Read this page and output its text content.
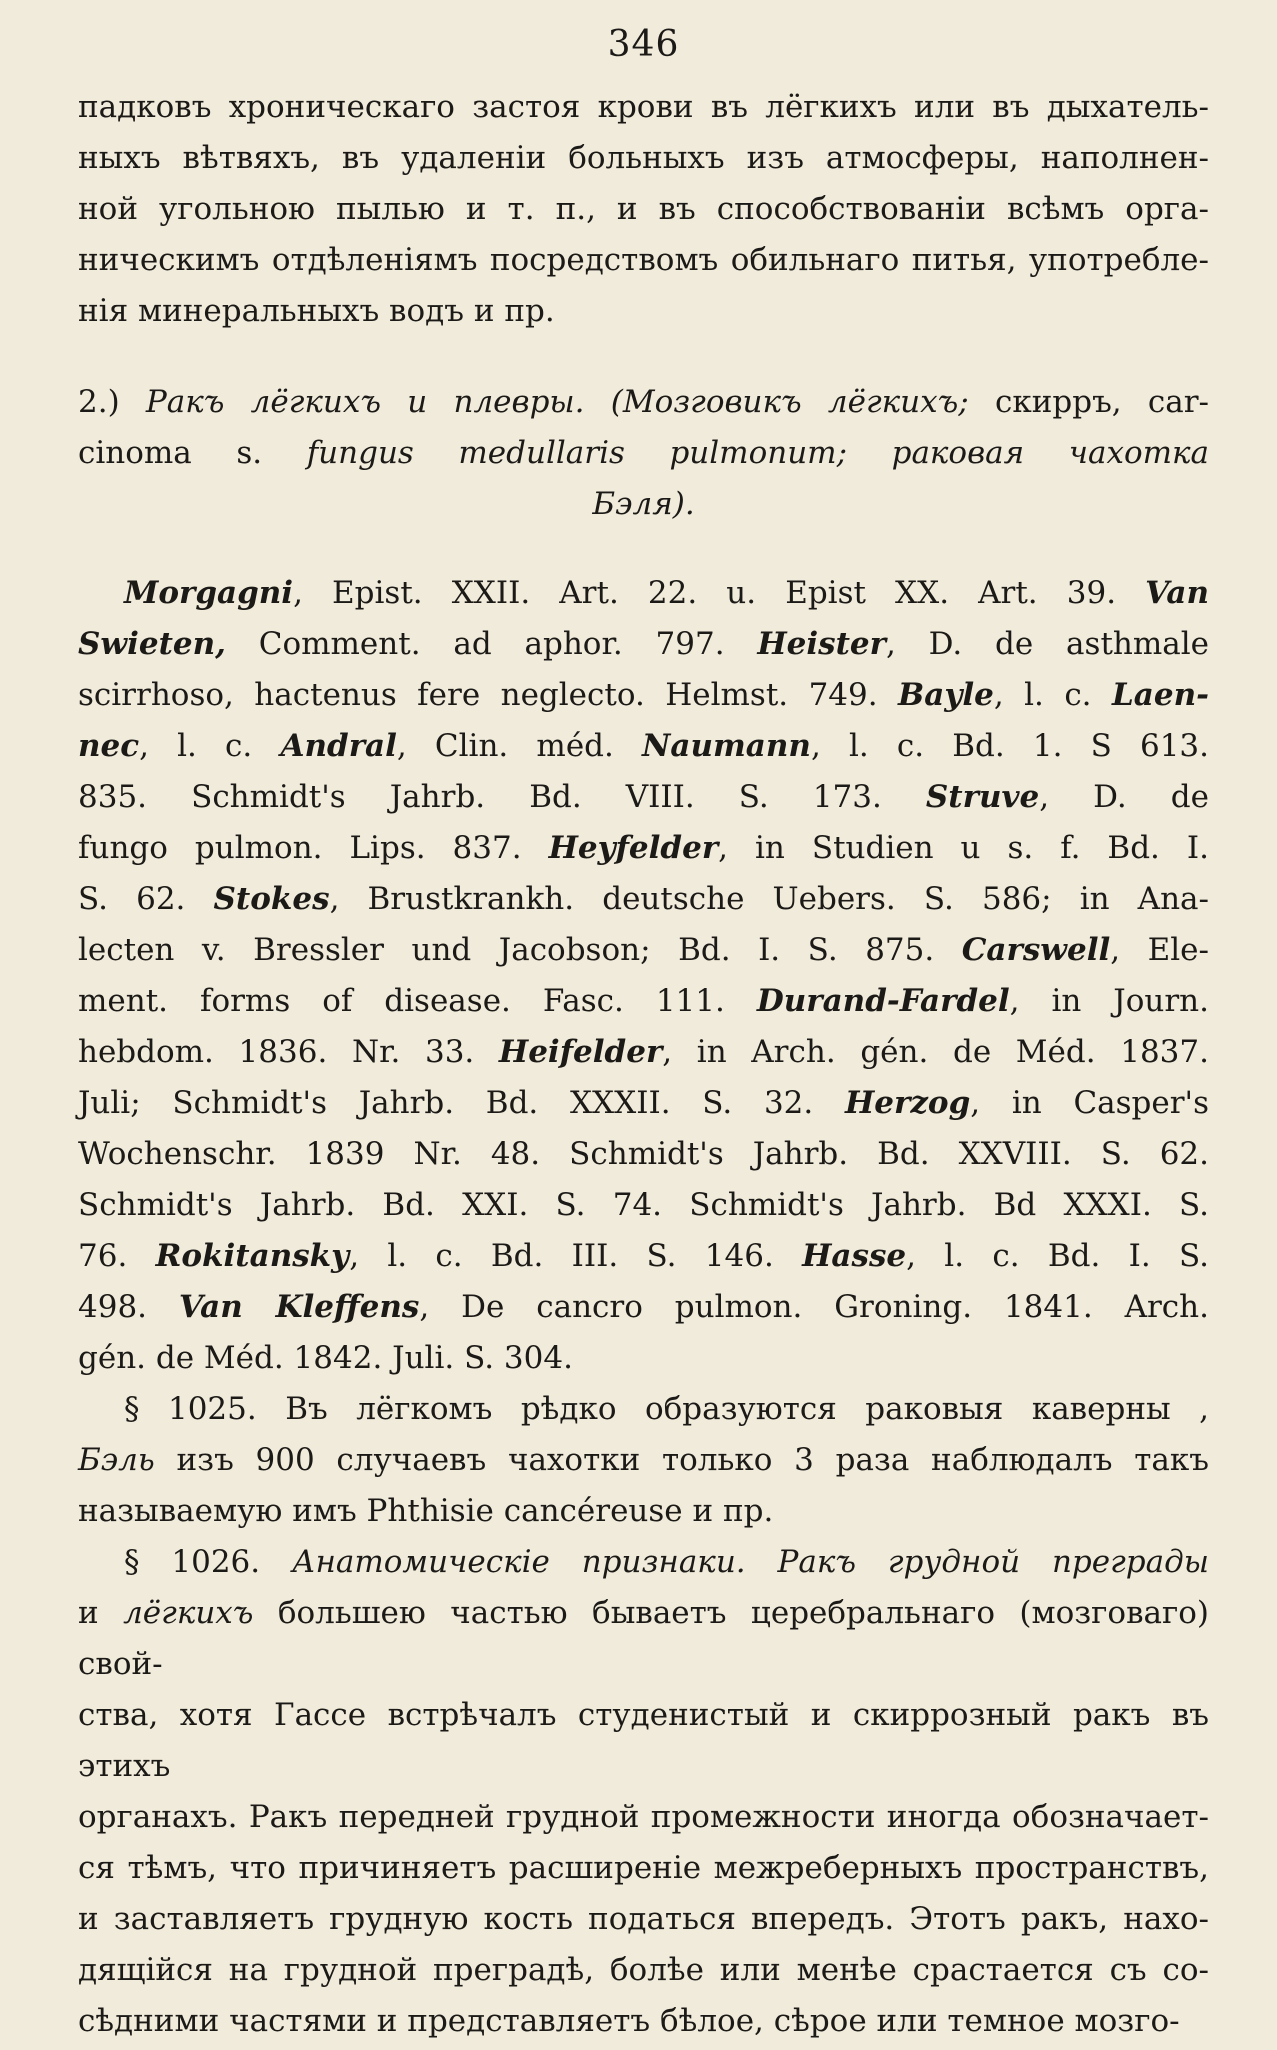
346

падковъ хроническаго застоя крови въ лёгкихъ или въ дыхатель-
ныхъ вѣтвяхъ, въ удаленіи больныхъ изъ атмосферы, наполнен-
ной угольною пылью и т. п., и въ способствованіи всѣмъ орга-
ническимъ отдѣленіямъ посредствомъ обильнаго питья, употребле-
нія минеральныхъ водъ и пр.

2.) Ракъ лёгкихъ и плевры. (Мозговикъ лёгкихъ; скирръ, car-
cinoma s. fungus medullaris pulmonum; раковая чахотка
Бэля).

Morgagni, Epist. XXII. Art. 22. u. Epist XX. Art. 39. Van
Swieten, Comment. ad aphor. 797. Heister, D. de asthmale
scirrhoso, hactenus fere neglecto. Helmst. 749. Bayle, l. c. Laen-
nec, l. c. Andral, Clin. méd. Naumann, l. c. Bd. 1. S 613.
835. Schmidt's Jahrb. Bd. VIII. S. 173. Struve, D. de
fungo pulmon. Lips. 837. Heyfelder, in Studien u s. f. Bd. I.
S. 62. Stokes, Brustkrankh. deutsche Uebers. S. 586; in Ana-
lecten v. Bressler und Jacobson; Bd. I. S. 875. Carswell, Ele-
ment. forms of disease. Fasc. 111. Durand-Fardel, in Journ.
hebdom. 1836. Nr. 33. Heifelder, in Arch. gén. de Méd. 1837.
Juli; Schmidt's Jahrb. Bd. XXXII. S. 32. Herzog, in Casper's
Wochenschr. 1839 Nr. 48. Schmidt's Jahrb. Bd. XXVIII. S. 62.
Schmidt's Jahrb. Bd. XXI. S. 74. Schmidt's Jahrb. Bd XXXI. S.
76. Rokitansky, l. c. Bd. III. S. 146. Hasse, l. c. Bd. I. S.
498. Van Kleffens, De cancro pulmon. Groning. 1841. Arch.
gén. de Méd. 1842. Juli. S. 304.

§ 1025. Въ лёгкомъ рѣдко образуются раковыя каверны ,
Бэль изъ 900 случаевъ чахотки только 3 раза наблюдалъ такъ
называемую имъ Phthisie cancéreuse и пр.

§ 1026. Анатомическіе признаки. Ракъ грудной преграды
и лёгкихъ большею частью бываетъ церебральнаго (мозговаго) свой-
ства, хотя Гассе встрѣчалъ студенистый и скиррозный ракъ въ этихъ
органахъ. Ракъ передней грудной промежности иногда обозначает-
ся тѣмъ, что причиняетъ расширеніе межреберныхъ пространствъ,
и заставляетъ грудную кость податься впередъ. Этотъ ракъ, нахо-
дящійся на грудной преградѣ, болѣе или менѣе срастается съ со-
сѣдними частями и представляетъ бѣлое, сѣрое или темное мозго-
